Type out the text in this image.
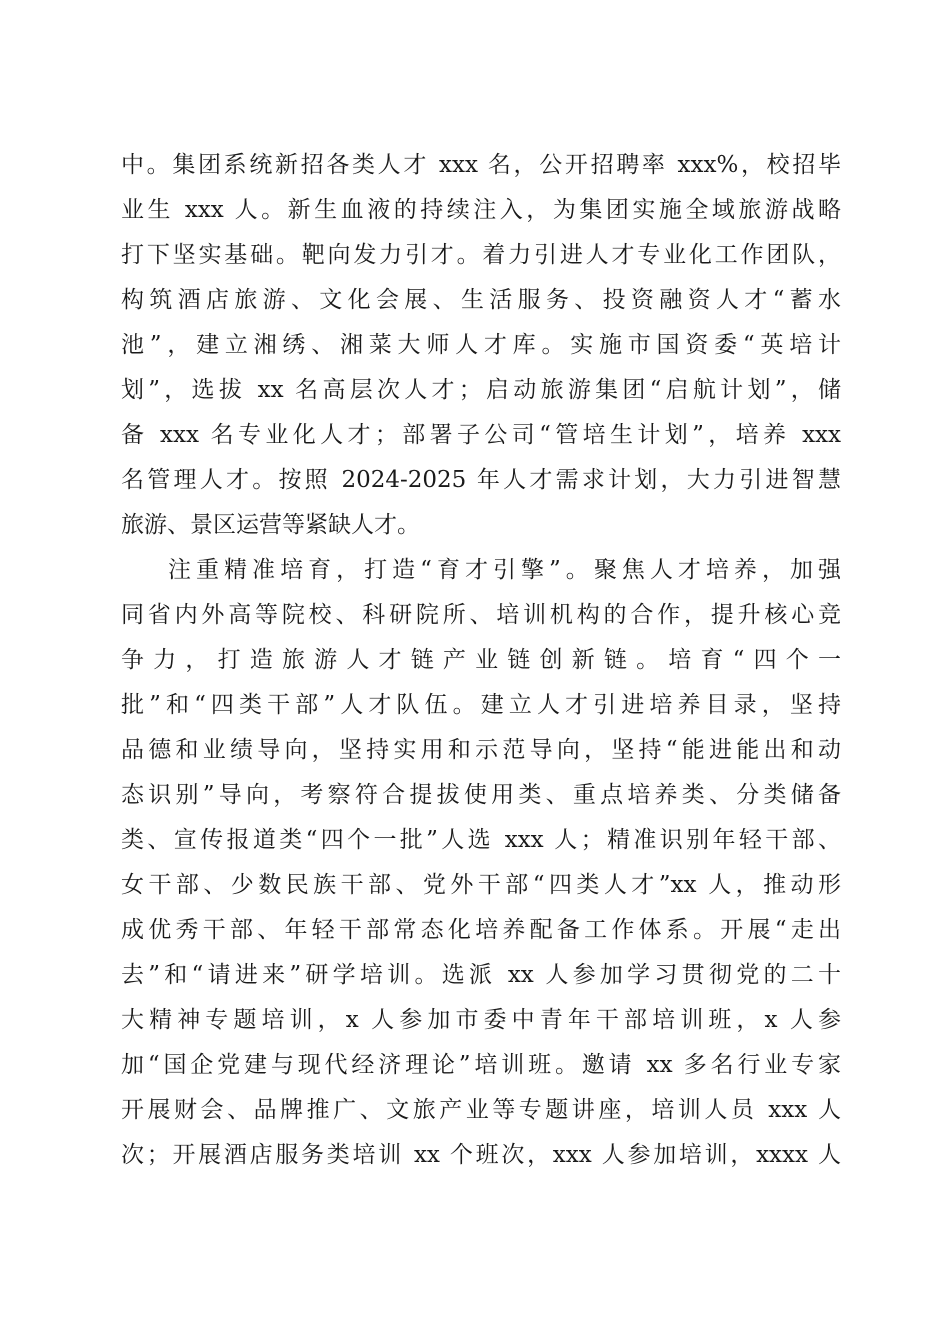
中。集团系统新招各类人才 xxx 名，公开招聘率 xxx%，校招毕
业生 xxx 人。新生血液的持续注入，为集团实施全域旅游战略
打下坚实基础。靶向发力引才。着力引进人才专业化工作团队，
构筑酒店旅游、文化会展、生活服务、投资融资人才“蓄水
池”，建立湘绣、湘菜大师人才库。实施市国资委“英培计
划”，选拔 xx 名高层次人才；启动旅游集团“启航计划”，储
备 xxx 名专业化人才；部署子公司“管培生计划”，培养 xxx
名管理人才。按照 2024-2025 年人才需求计划，大力引进智慧
旅游、景区运营等紧缺人才。
注重精准培育，打造“育才引擎”。聚焦人才培养，加强
同省内外高等院校、科研院所、培训机构的合作，提升核心竞
争力，打造旅游人才链产业链创新链。培育“四个一
批”和“四类干部”人才队伍。建立人才引进培养目录，坚持
品德和业绩导向，坚持实用和示范导向，坚持“能进能出和动
态识别”导向，考察符合提拔使用类、重点培养类、分类储备
类、宣传报道类“四个一批”人选 xxx 人；精准识别年轻干部、
女干部、少数民族干部、党外干部“四类人才”xx 人，推动形
成优秀干部、年轻干部常态化培养配备工作体系。开展“走出
去”和“请进来”研学培训。选派 xx 人参加学习贯彻党的二十
大精神专题培训，x 人参加市委中青年干部培训班，x 人参
加“国企党建与现代经济理论”培训班。邀请 xx 多名行业专家
开展财会、品牌推广、文旅产业等专题讲座，培训人员 xxx 人
次；开展酒店服务类培训 xx 个班次，xxx 人参加培训，xxxx 人
